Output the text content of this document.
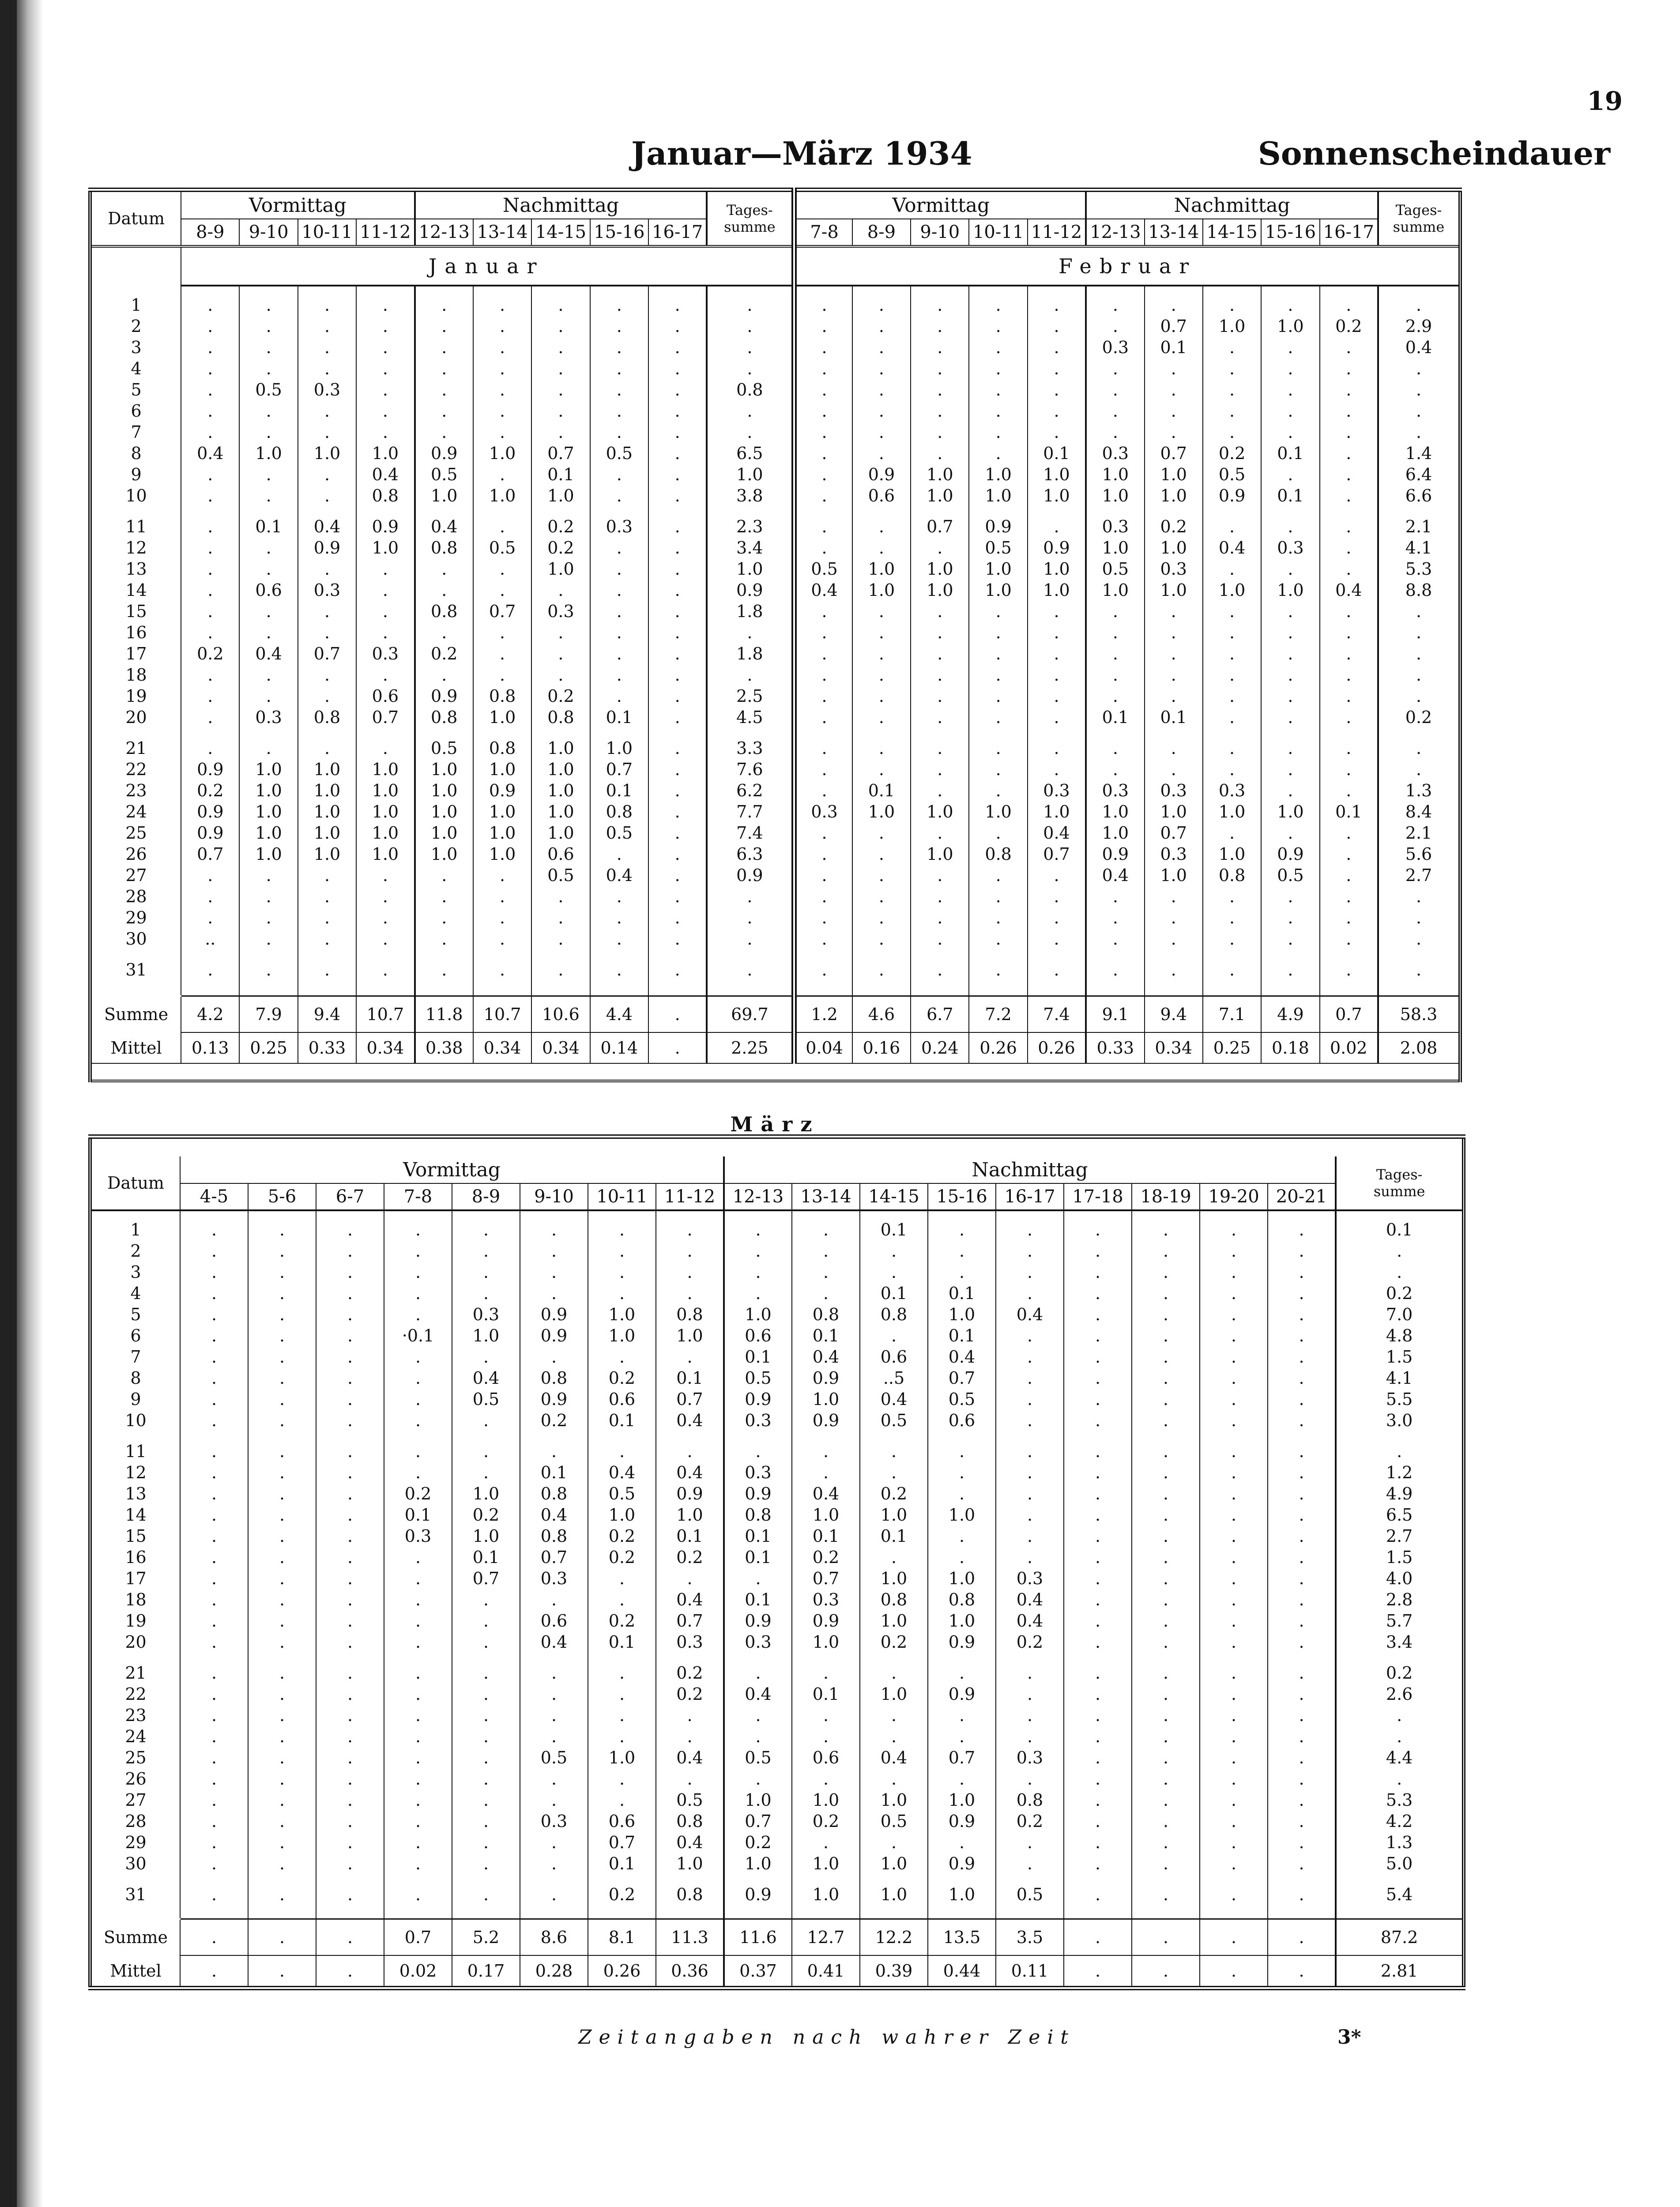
19
Januar—März 1934	Sonnenscheindauer
Datum	Vormittag				Nachmittag					Tages-
summe	Vormittag					Nachmittag					Tages-
summe
	8-9	9-10	10-11	11-12	12-13	13-14	14-15	15-16	16-17		7-8	8-9	9-10	10-11	11-12	12-13	13-14	14-15	15-16	16-17	
	Januar										Februar										

1	.	.	.	.	.	.	.	.	.	.	.	.	.	.	.	.	.	.	.	.	.
2	.	.	.	.	.	.	.	.	.	.	.	.	.	.	.	.	0.7	1.0	1.0	0.2	2.9
3	.	.	.	.	.	.	.	.	.	.	.	.	.	.	.	0.3	0.1	.	.	.	0.4
4	.	.	.	.	.	.	.	.	.	.	.	.	.	.	.	.	.	.	.	.	.
5	.	0.5	0.3	.	.	.	.	.	.	0.8	.	.	.	.	.	.	.	.	.	.	.
6	.	.	.	.	.	.	.	.	.	.	.	.	.	.	.	.	.	.	.	.	.
7	.	.	.	.	.	.	.	.	.	.	.	.	.	.	.	.	.	.	.	.	.
8	0.4	1.0	1.0	1.0	0.9	1.0	0.7	0.5	.	6.5	.	.	.	.	0.1	0.3	0.7	0.2	0.1	.	1.4
9	.	.	.	0.4	0.5	.	0.1	.	.	1.0	.	0.9	1.0	1.0	1.0	1.0	1.0	0.5	.	.	6.4
10	.	.	.	0.8	1.0	1.0	1.0	.	.	3.8	.	0.6	1.0	1.0	1.0	1.0	1.0	0.9	0.1	.	6.6
11	.	0.1	0.4	0.9	0.4	.	0.2	0.3	.	2.3	.	.	0.7	0.9	.	0.3	0.2	.	.	.	2.1
12	.	.	0.9	1.0	0.8	0.5	0.2	.	.	3.4	.	.	.	0.5	0.9	1.0	1.0	0.4	0.3	.	4.1
13	.	.	.	.	.	.	1.0	.	.	1.0	0.5	1.0	1.0	1.0	1.0	0.5	0.3	.	.	.	5.3
14	.	0.6	0.3	.	.	.	.	.	.	0.9	0.4	1.0	1.0	1.0	1.0	1.0	1.0	1.0	1.0	0.4	8.8
15	.	.	.	.	0.8	0.7	0.3	.	.	1.8	.	.	.	.	.	.	.	.	.	.	.
16	.	.	.	.	.	.	.	.	.	.	.	.	.	.	.	.	.	.	.	.	.
17	0.2	0.4	0.7	0.3	0.2	.	.	.	.	1.8	.	.	.	.	.	.	.	.	.	.	.
18	.	.	.	.	.	.	.	.	.	.	.	.	.	.	.	.	.	.	.	.	.
19	.	.	.	0.6	0.9	0.8	0.2	.	.	2.5	.	.	.	.	.	.	.	.	.	.	.
20	.	0.3	0.8	0.7	0.8	1.0	0.8	0.1	.	4.5	.	.	.	.	.	0.1	0.1	.	.	.	0.2
21	.	.	.	.	0.5	0.8	1.0	1.0	.	3.3	.	.	.	.	.	.	.	.	.	.	.
22	0.9	1.0	1.0	1.0	1.0	1.0	1.0	0.7	.	7.6	.	.	.	.	.	.	.	.	.	.	.
23	0.2	1.0	1.0	1.0	1.0	0.9	1.0	0.1	.	6.2	.	0.1	.	.	0.3	0.3	0.3	0.3	.	.	1.3
24	0.9	1.0	1.0	1.0	1.0	1.0	1.0	0.8	.	7.7	0.3	1.0	1.0	1.0	1.0	1.0	1.0	1.0	1.0	0.1	8.4
25	0.9	1.0	1.0	1.0	1.0	1.0	1.0	0.5	.	7.4	.	.	.	.	0.4	1.0	0.7	.	.	.	2.1
26	0.7	1.0	1.0	1.0	1.0	1.0	0.6	.	.	6.3	.	.	1.0	0.8	0.7	0.9	0.3	1.0	0.9	.	5.6
27	.	.	.	.	.	.	0.5	0.4	.	0.9	.	.	.	.	.	0.4	1.0	0.8	0.5	.	2.7
28	.	.	.	.	.	.	.	.	.	.	.	.	.	.	.	.	.	.	.	.	.
29	.	.	.	.	.	.	.	.	.	.	.	.	.	.	.	.	.	.	.	.	.
30	..	.	.	.	.	.	.	.	.	.	.	.	.	.	.	.	.	.	.	.	.
31	.	.	.	.	.	.	.	.	.	.	.	.	.	.	.	.	.	.	.	.	.

Summe	4.2	7.9	9.4	10.7	11.8	10.7	10.6	4.4	.	69.7	1.2	4.6	6.7	7.2	7.4	9.1	9.4	7.1	4.9	0.7	58.3
Mittel	0.13	0.25	0.33	0.34	0.38	0.34	0.34	0.14	.	2.25	0.04	0.16	0.24	0.26	0.26	0.33	0.34	0.25	0.18	0.02	2.08

Datum	Vormittag								Nachmittag									Tages-
summe
	4-5	5-6	6-7	7-8	8-9	9-10	10-11	11-12	12-13	13-14	14-15	15-16	16-17	17-18	18-19	19-20	20-21	

1	.	.	.	.	.	.	.	.	.	.	0.1	.	.	.	.	.	.	0.1
2	.	.	.	.	.	.	.	.	.	.	.	.	.	.	.	.	.	.
3	.	.	.	.	.	.	.	.	.	.	.	.	.	.	.	.	.	.
4	.	.	.	.	.	.	.	.	.	.	0.1	0.1	.	.	.	.	.	0.2
5	.	.	.	.	0.3	0.9	1.0	0.8	1.0	0.8	0.8	1.0	0.4	.	.	.	.	7.0
6	.	.	.	·0.1	1.0	0.9	1.0	1.0	0.6	0.1	.	0.1	.	.	.	.	.	4.8
7	.	.	.	.	.	.	.	.	0.1	0.4	0.6	0.4	.	.	.	.	.	1.5
8	.	.	.	.	0.4	0.8	0.2	0.1	0.5	0.9	..5	0.7	.	.	.	.	.	4.1
9	.	.	.	.	0.5	0.9	0.6	0.7	0.9	1.0	0.4	0.5	.	.	.	.	.	5.5
10	.	.	.	.	.	0.2	0.1	0.4	0.3	0.9	0.5	0.6	.	.	.	.	.	3.0
11	.	.	.	.	.	.	.	.	.	.	.	.	.	.	.	.	.	.
12	.	.	.	.	.	0.1	0.4	0.4	0.3	.	.	.	.	.	.	.	.	1.2
13	.	.	.	0.2	1.0	0.8	0.5	0.9	0.9	0.4	0.2	.	.	.	.	.	.	4.9
14	.	.	.	0.1	0.2	0.4	1.0	1.0	0.8	1.0	1.0	1.0	.	.	.	.	.	6.5
15	.	.	.	0.3	1.0	0.8	0.2	0.1	0.1	0.1	0.1	.	.	.	.	.	.	2.7
16	.	.	.	.	0.1	0.7	0.2	0.2	0.1	0.2	.	.	.	.	.	.	.	1.5
17	.	.	.	.	0.7	0.3	.	.	.	0.7	1.0	1.0	0.3	.	.	.	.	4.0
18	.	.	.	.	.	.	.	0.4	0.1	0.3	0.8	0.8	0.4	.	.	.	.	2.8
19	.	.	.	.	.	0.6	0.2	0.7	0.9	0.9	1.0	1.0	0.4	.	.	.	.	5.7
20	.	.	.	.	.	0.4	0.1	0.3	0.3	1.0	0.2	0.9	0.2	.	.	.	.	3.4
21	.	.	.	.	.	.	.	0.2	.	.	.	.	.	.	.	.	.	0.2
22	.	.	.	.	.	.	.	0.2	0.4	0.1	1.0	0.9	.	.	.	.	.	2.6
23	.	.	.	.	.	.	.	.	.	.	.	.	.	.	.	.	.	.
24	.	.	.	.	.	.	.	.	.	.	.	.	.	.	.	.	.	.
25	.	.	.	.	.	0.5	1.0	0.4	0.5	0.6	0.4	0.7	0.3	.	.	.	.	4.4
26	.	.	.	.	.	.	.	.	.	.	.	.	.	.	.	.	.	.
27	.	.	.	.	.	.	.	0.5	1.0	1.0	1.0	1.0	0.8	.	.	.	.	5.3
28	.	.	.	.	.	0.3	0.6	0.8	0.7	0.2	0.5	0.9	0.2	.	.	.	.	4.2
29	.	.	.	.	.	.	0.7	0.4	0.2	.	.	.	.	.	.	.	.	1.3
30	.	.	.	.	.	.	0.1	1.0	1.0	1.0	1.0	0.9	.	.	.	.	.	5.0
31	.	.	.	.	.	.	0.2	0.8	0.9	1.0	1.0	1.0	0.5	.	.	.	.	5.4

Summe	.	.	.	0.7	5.2	8.6	8.1	11.3	11.6	12.7	12.2	13.5	3.5	.	.	.	.	87.2
Mittel	.	.	.	0.02	0.17	0.28	0.26	0.36	0.37	0.41	0.39	0.44	0.11	.	.	.	.	2.81
März
Zeitangaben nach wahrer Zeit	3*
